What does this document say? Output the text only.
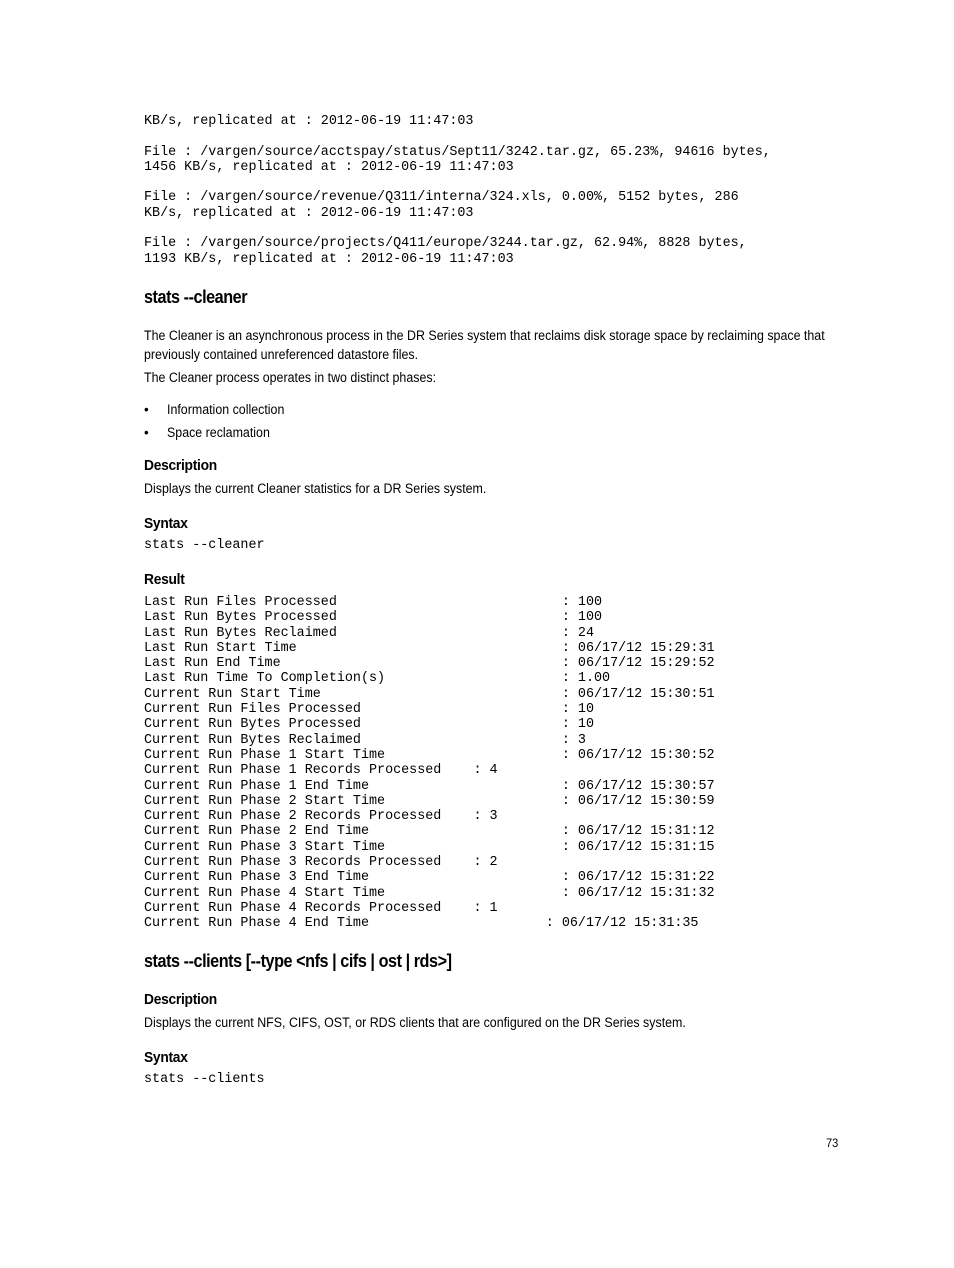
KB/s, replicated at : 2012-06-19 11:47:03

File : /vargen/source/acctspay/status/Sept11/3242.tar.gz, 65.23%, 94616 bytes,
1456 KB/s, replicated at : 2012-06-19 11:47:03

File : /vargen/source/revenue/Q311/interna/324.xls, 0.00%, 5152 bytes, 286
KB/s, replicated at : 2012-06-19 11:47:03

File : /vargen/source/projects/Q411/europe/3244.tar.gz, 62.94%, 8828 bytes,
1193 KB/s, replicated at : 2012-06-19 11:47:03
stats --cleaner

The Cleaner is an asynchronous process in the DR Series system that reclaims disk storage space by reclaiming space that previously contained unreferenced datastore files.

The Cleaner process operates in two distinct phases:

• Information collection
• Space reclamation
Description

Displays the current Cleaner statistics for a DR Series system.

Syntax
stats --cleaner
Result
Last Run Files Processed                            : 100
Last Run Bytes Processed                            : 100
Last Run Bytes Reclaimed                            : 24
Last Run Start Time                                 : 06/17/12 15:29:31
Last Run End Time                                   : 06/17/12 15:29:52
Last Run Time To Completion(s)                      : 1.00
Current Run Start Time                              : 06/17/12 15:30:51
Current Run Files Processed                         : 10
Current Run Bytes Processed                         : 10
Current Run Bytes Reclaimed                         : 3
Current Run Phase 1 Start Time                      : 06/17/12 15:30:52
Current Run Phase 1 Records Processed    : 4
Current Run Phase 1 End Time                        : 06/17/12 15:30:57
Current Run Phase 2 Start Time                      : 06/17/12 15:30:59
Current Run Phase 2 Records Processed    : 3
Current Run Phase 2 End Time                        : 06/17/12 15:31:12
Current Run Phase 3 Start Time                      : 06/17/12 15:31:15
Current Run Phase 3 Records Processed    : 2
Current Run Phase 3 End Time                        : 06/17/12 15:31:22
Current Run Phase 4 Start Time                      : 06/17/12 15:31:32
Current Run Phase 4 Records Processed    : 1
Current Run Phase 4 End Time                      : 06/17/12 15:31:35
stats --clients [--type <nfs | cifs | ost | rds>]
Description

Displays the current NFS, CIFS, OST, or RDS clients that are configured on the DR Series system.

Syntax
stats --clients
73
